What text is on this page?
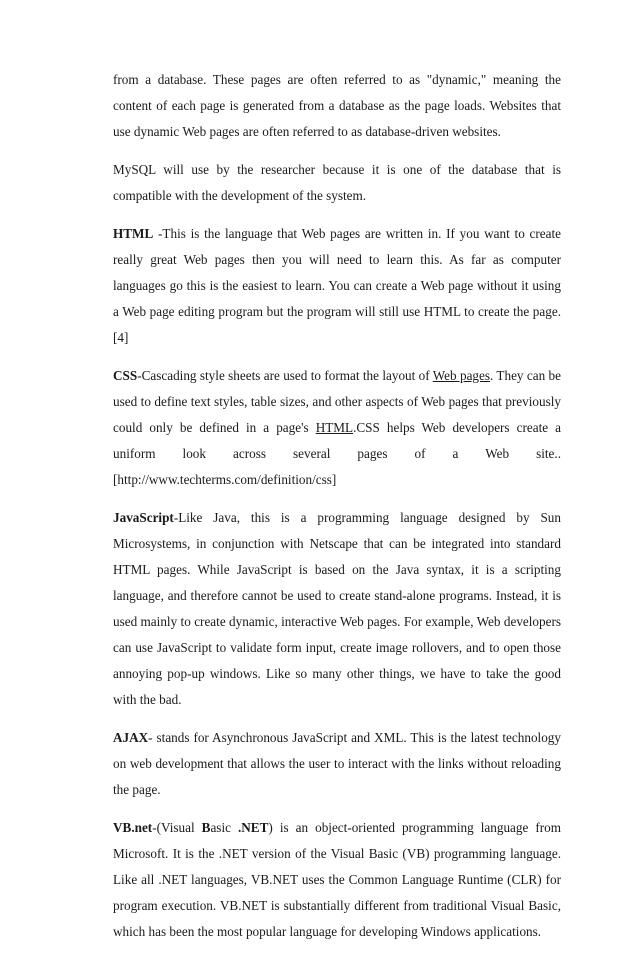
from a database. These pages are often referred to as "dynamic," meaning the content of each page is generated from a database as the page loads. Websites that use dynamic Web pages are often referred to as database-driven websites.

MySQL will use by the researcher because it is one of the database that is compatible with the development of the system.

HTML -This is the language that Web pages are written in. If you want to create really great Web pages then you will need to learn this. As far as computer languages go this is the easiest to learn. You can create a Web page without it using a Web page editing program but the program will still use HTML to create the page. [4]

CSS-Cascading style sheets are used to format the layout of Web pages. They can be used to define text styles, table sizes, and other aspects of Web pages that previously could only be defined in a page's HTML.CSS helps Web developers create a uniform look across several pages of a Web site..[http://www.techterms.com/definition/css]

JavaScript-Like Java, this is a programming language designed by Sun Microsystems, in conjunction with Netscape that can be integrated into standard HTML pages. While JavaScript is based on the Java syntax, it is a scripting language, and therefore cannot be used to create stand-alone programs. Instead, it is used mainly to create dynamic, interactive Web pages. For example, Web developers can use JavaScript to validate form input, create image rollovers, and to open those annoying pop-up windows. Like so many other things, we have to take the good with the bad.

AJAX- stands for Asynchronous JavaScript and XML. This is the latest technology on web development that allows the user to interact with the links without reloading the page.

VB.net-(Visual Basic .NET) is an object-oriented programming language from Microsoft. It is the .NET version of the Visual Basic (VB) programming language. Like all .NET languages, VB.NET uses the Common Language Runtime (CLR) for program execution. VB.NET is substantially different from traditional Visual Basic, which has been the most popular language for developing Windows applications.
